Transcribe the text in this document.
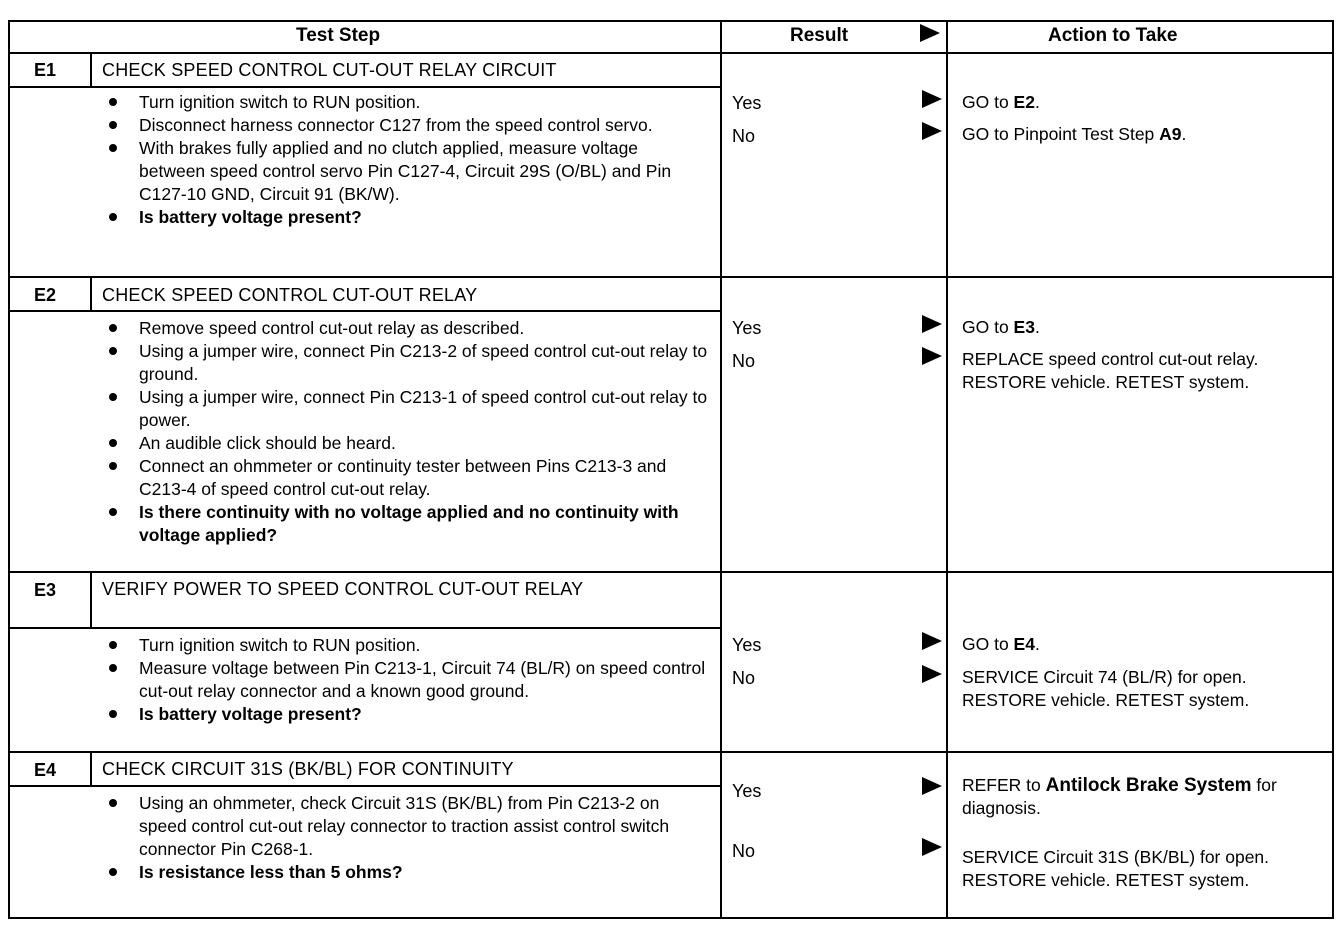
Test Step	Result	Action to Take
E1	CHECK SPEED CONTROL CUT-OUT RELAY CIRCUIT
Turn ignition switch to RUN position.
Disconnect harness connector C127 from the speed control servo.
With brakes fully applied and no clutch applied, measure voltage between speed control servo Pin C127-4, Circuit 29S (O/BL) and Pin C127-10 GND, Circuit 91 (BK/W).
Is battery voltage present?
Yes	GO to E2.
No	GO to Pinpoint Test Step A9.
E2	CHECK SPEED CONTROL CUT-OUT RELAY
Remove speed control cut-out relay as described.
Using a jumper wire, connect Pin C213-2 of speed control cut-out relay to ground.
Using a jumper wire, connect Pin C213-1 of speed control cut-out relay to power.
An audible click should be heard.
Connect an ohmmeter or continuity tester between Pins C213-3 and C213-4 of speed control cut-out relay.
Is there continuity with no voltage applied and no continuity with voltage applied?
Yes	GO to E3.
No	REPLACE speed control cut-out relay. RESTORE vehicle. RETEST system.
E3	VERIFY POWER TO SPEED CONTROL CUT-OUT RELAY
Turn ignition switch to RUN position.
Measure voltage between Pin C213-1, Circuit 74 (BL/R) on speed control cut-out relay connector and a known good ground.
Is battery voltage present?
Yes	GO to E4.
No	SERVICE Circuit 74 (BL/R) for open. RESTORE vehicle. RETEST system.
E4	CHECK CIRCUIT 31S (BK/BL) FOR CONTINUITY
Using an ohmmeter, check Circuit 31S (BK/BL) from Pin C213-2 on speed control cut-out relay connector to traction assist control switch connector Pin C268-1.
Is resistance less than 5 ohms?
Yes	REFER to Antilock Brake System for diagnosis.
No	SERVICE Circuit 31S (BK/BL) for open. RESTORE vehicle. RETEST system.
